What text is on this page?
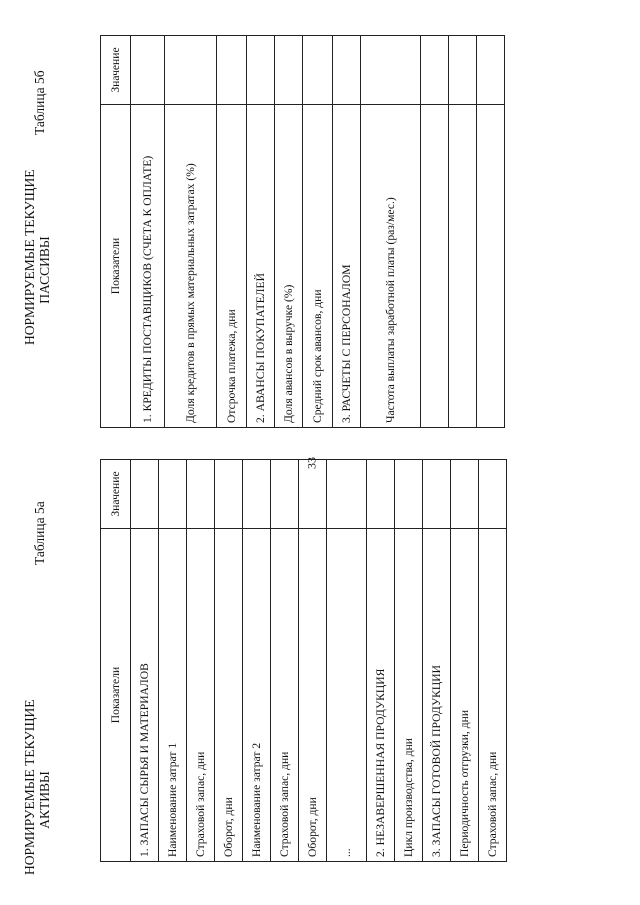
33
НОРМИРУЕМЫЕ ТЕКУЩИЕ АКТИВЫ
Таблица 5а
Показатели	Значение
1. ЗАПАСЫ СЫРЬЯ И МАТЕРИАЛОВ	
Наименование затрат 1	
Страховой запас, дни	
Оборот, дни	
Наименование затрат 2	
Страховой запас, дни	
Оборот, дни	
...	
2. НЕЗАВЕРШЕННАЯ ПРОДУКЦИЯ	
Цикл производства, дни	
3. ЗАПАСЫ ГОТОВОЙ ПРОДУКЦИИ	
Периодичность отгрузки, дни	
Страховой запас, дни	
НОРМИРУЕМЫЕ ТЕКУЩИЕ ПАССИВЫ
Таблица 5б
Показатели	Значение
1. КРЕДИТЫ ПОСТАВЩИКОВ (СЧЕТА К ОПЛАТЕ)	
Доля кредитов в прямых материальных затратах (%)	
Отсрочка платежа, дни	
2. АВАНСЫ ПОКУПАТЕЛЕЙ	
Доля авансов в выручке (%)	
Средний срок авансов, дни	
3. РАСЧЕТЫ С ПЕРСОНАЛОМ	
Частота выплаты заработной платы (раз/мес.)	
